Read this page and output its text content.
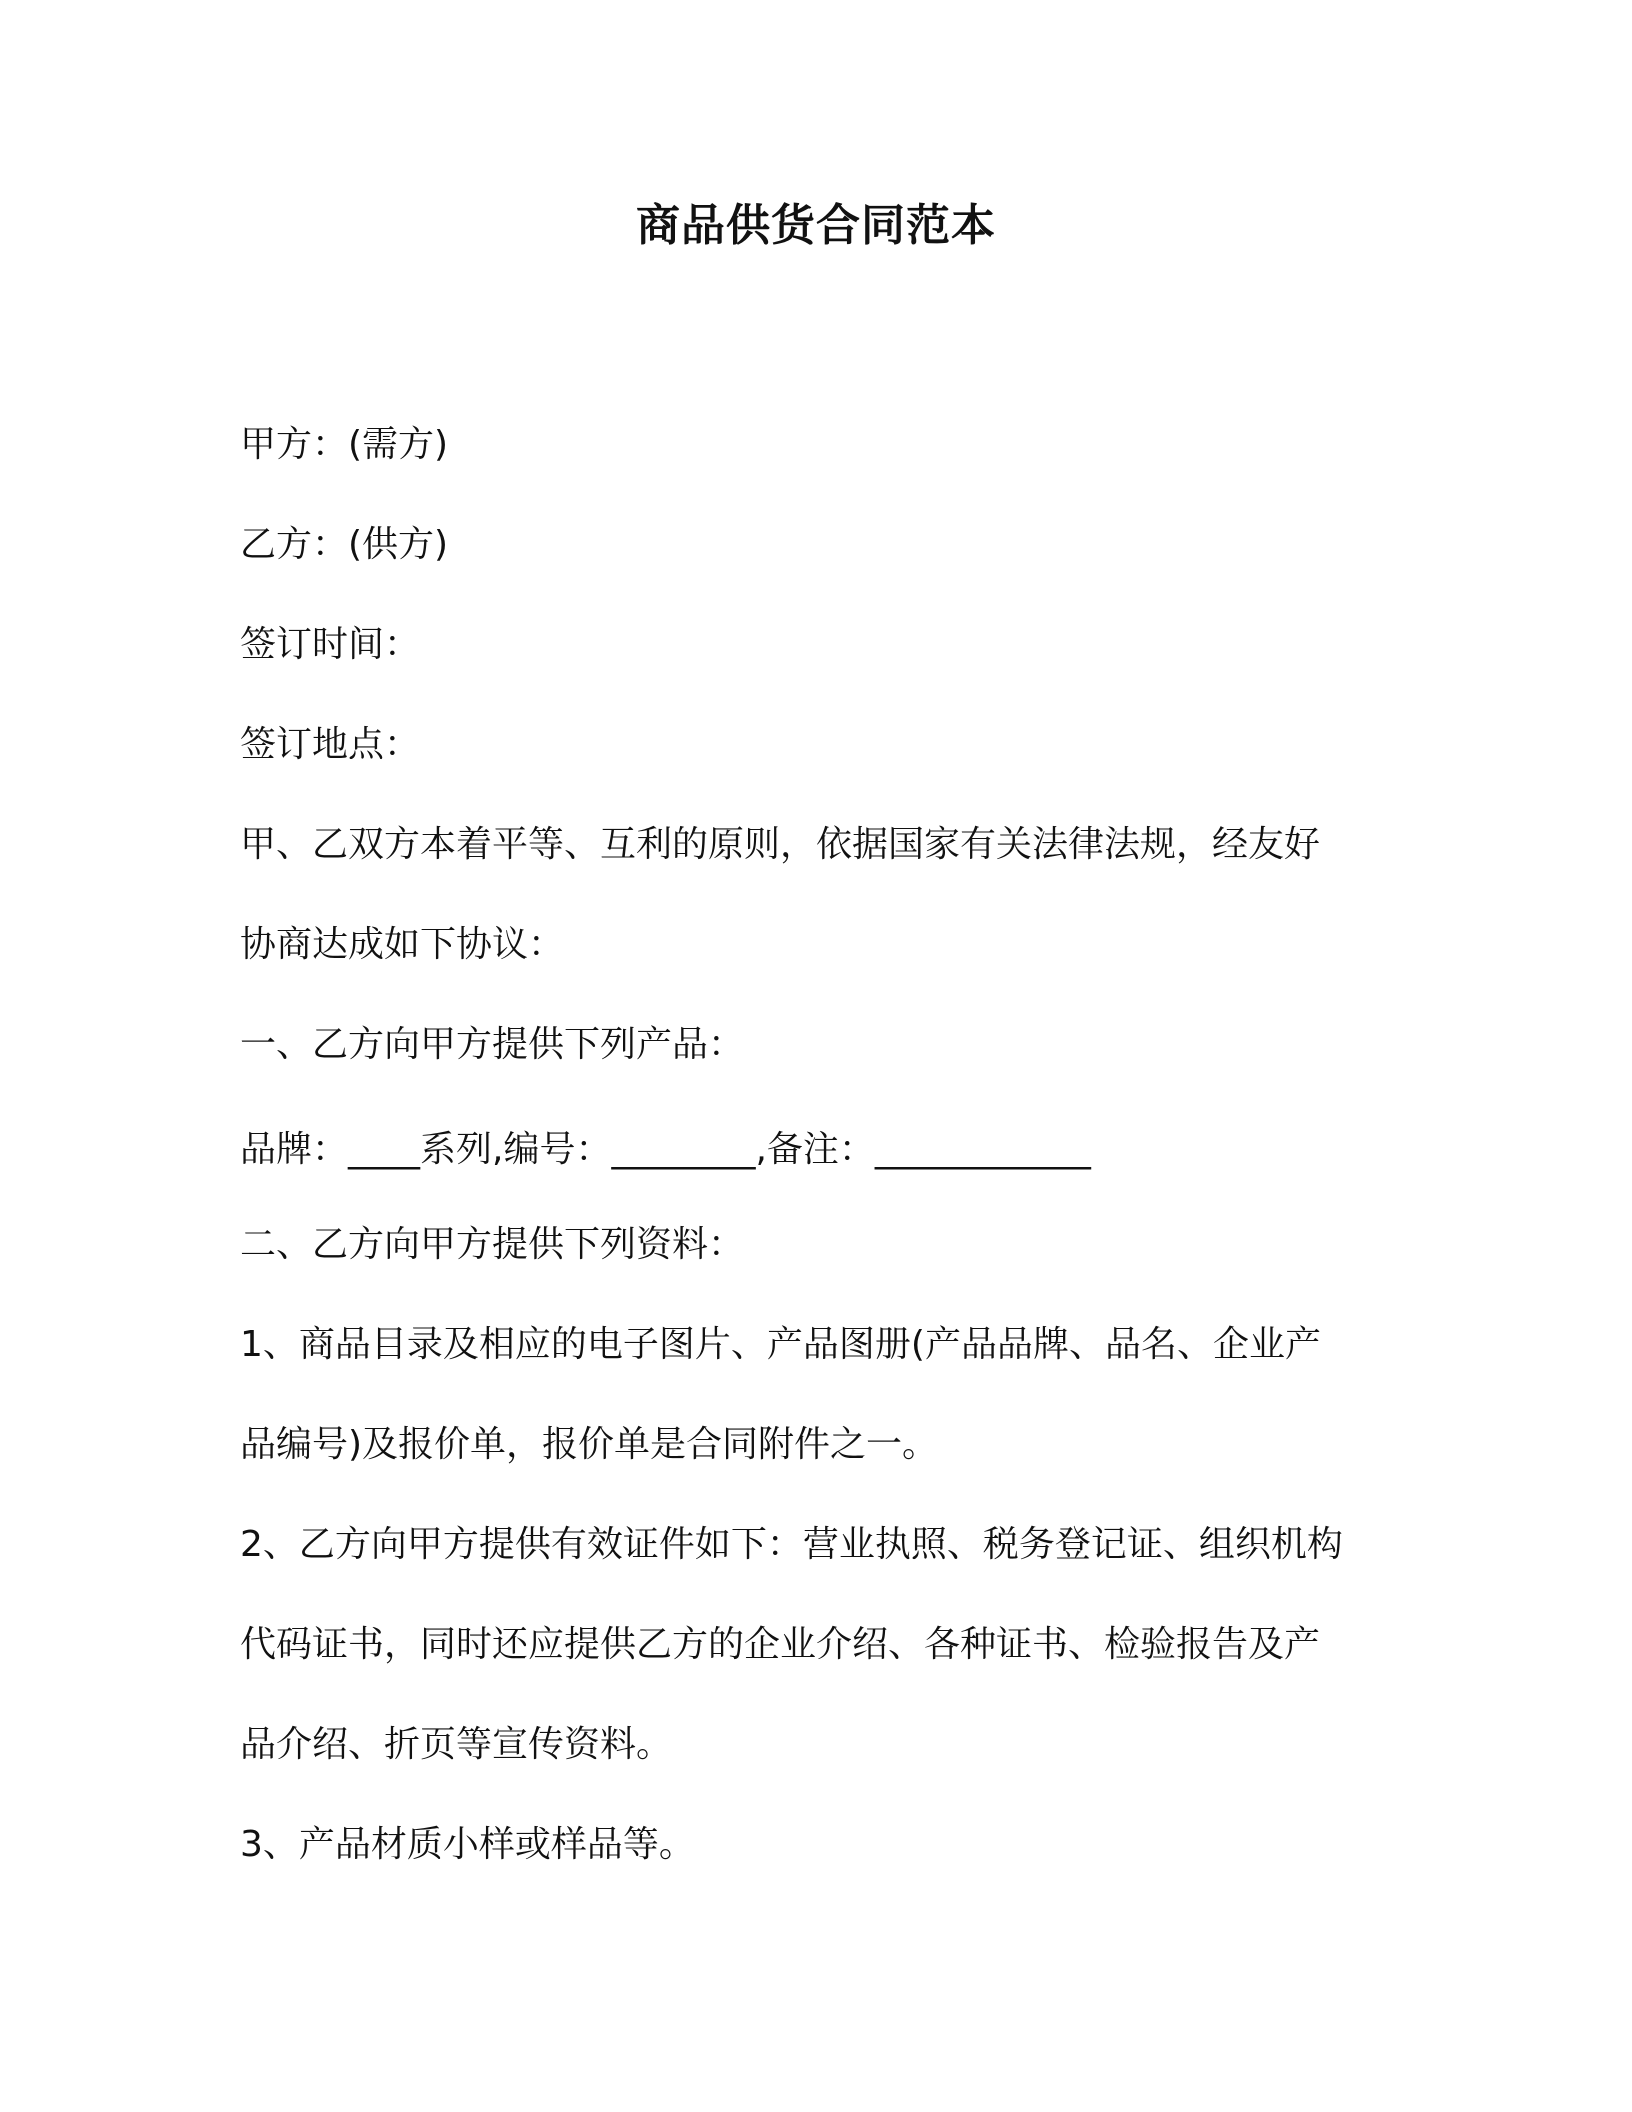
商品供货合同范本

甲方：(需方)

乙方：(供方)

签订时间：

签订地点：

甲、乙双方本着平等、互利的原则，依据国家有关法律法规，经友好

协商达成如下协议：

一、乙方向甲方提供下列产品：

品牌：____系列,编号：________,备注：____________

二、乙方向甲方提供下列资料：

1、商品目录及相应的电子图片、产品图册(产品品牌、品名、企业产

品编号)及报价单，报价单是合同附件之一。

2、乙方向甲方提供有效证件如下：营业执照、税务登记证、组织机构

代码证书，同时还应提供乙方的企业介绍、各种证书、检验报告及产

品介绍、折页等宣传资料。

3、产品材质小样或样品等。
